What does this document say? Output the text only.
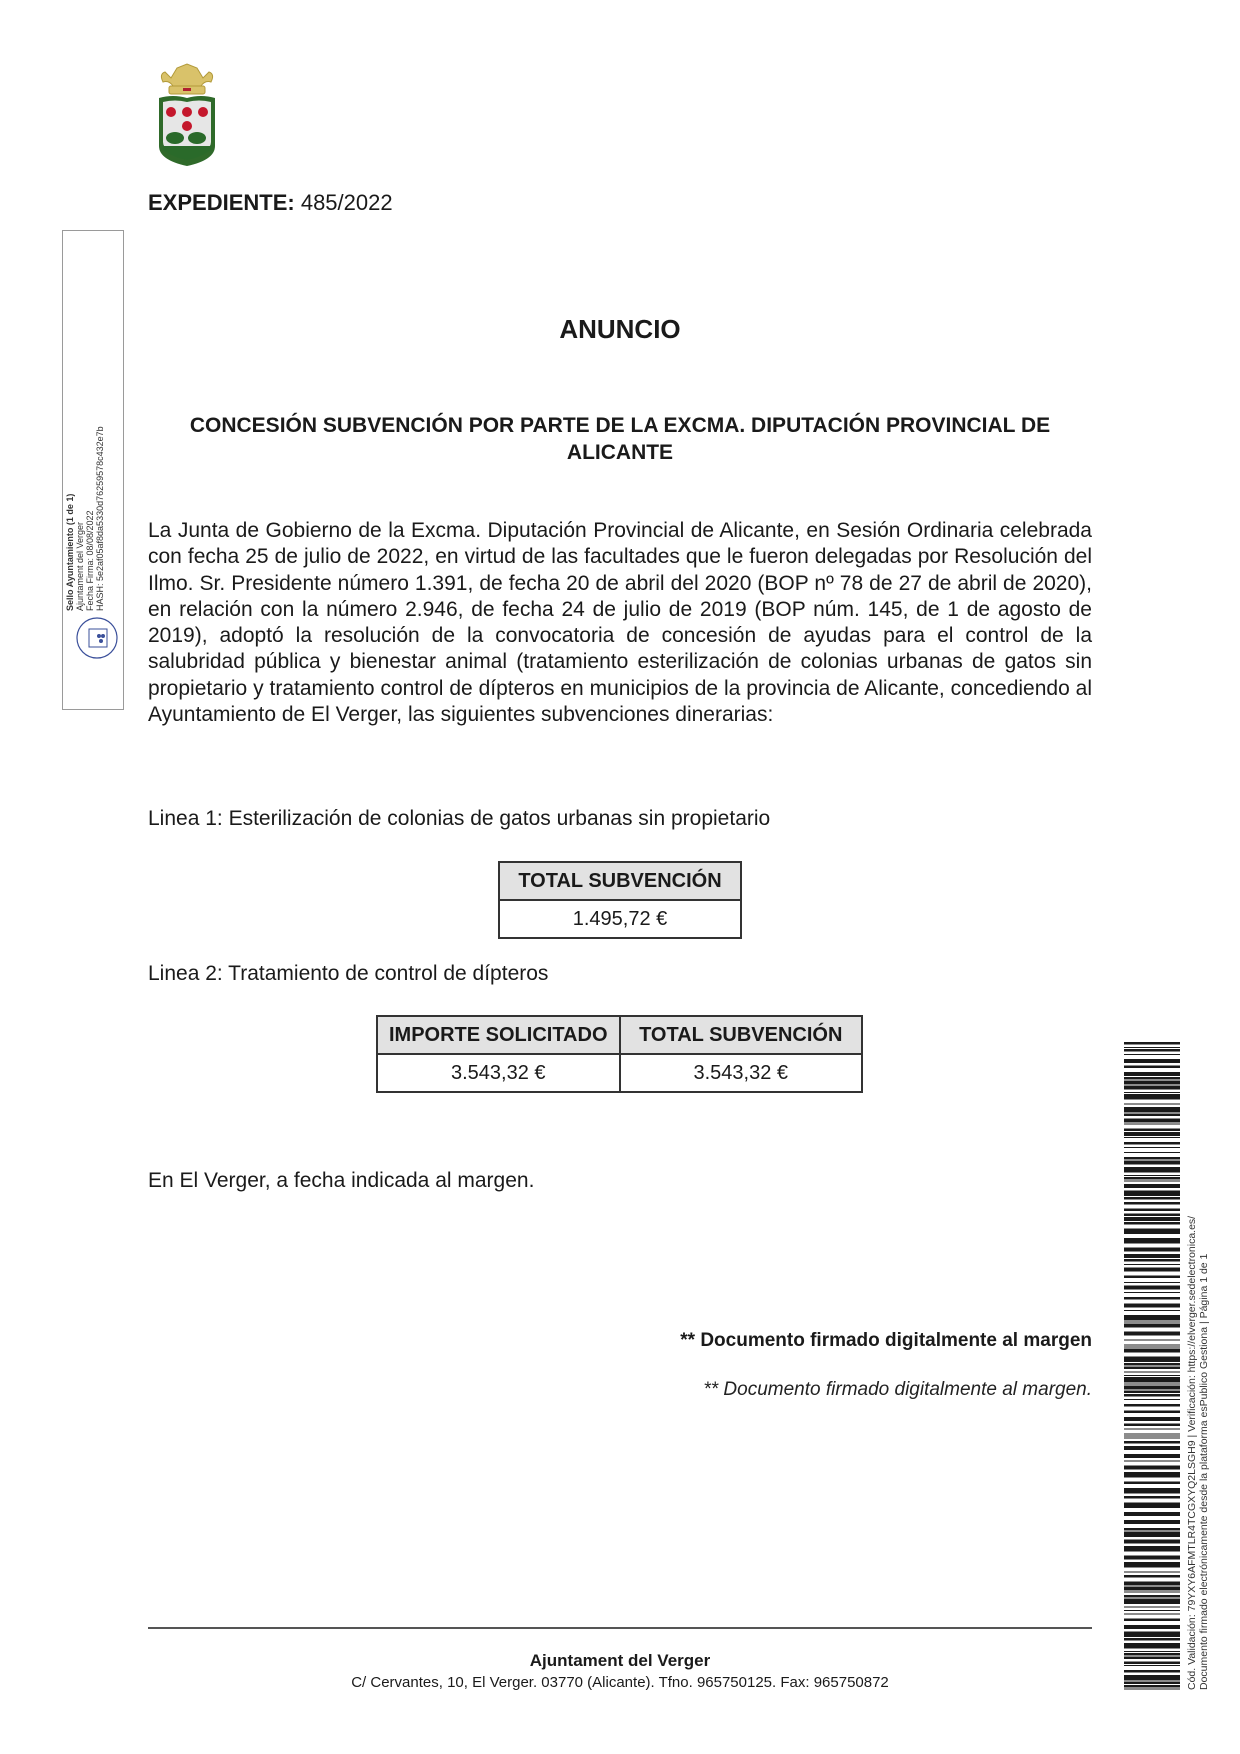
EXPEDIENTE: 485/2022
Sello Ayuntamiento (1 de 1) Ajuntament del Verger Fecha Firma: 08/08/2022 HASH: 5e2af05af8da5330d76259578c432e7b
ANUNCIO
CONCESIÓN SUBVENCIÓN POR PARTE DE LA EXCMA. DIPUTACIÓN PROVINCIAL DE ALICANTE
La Junta de Gobierno de la Excma. Diputación Provincial de Alicante, en Sesión Ordinaria celebrada con fecha 25 de julio de 2022, en virtud de las facultades que le fueron delegadas por Resolución del Ilmo. Sr. Presidente número 1.391, de fecha 20 de abril del 2020 (BOP nº 78 de 27 de abril de 2020), en relación con la número 2.946, de fecha 24 de julio de 2019 (BOP núm. 145, de 1 de agosto de 2019), adoptó la resolución de la convocatoria de concesión de ayudas para el control de la salubridad pública y bienestar animal (tratamiento esterilización de colonias urbanas de gatos sin propietario y tratamiento control de dípteros en municipios de la provincia de Alicante, concediendo al Ayuntamiento de El Verger, las siguientes subvenciones dinerarias:
Linea 1: Esterilización de colonias de gatos urbanas sin propietario
TOTAL SUBVENCIÓN
1.495,72 €
Linea 2: Tratamiento de control de dípteros
IMPORTE SOLICITADO	TOTAL SUBVENCIÓN
3.543,32 €	3.543,32 €
En El Verger, a fecha indicada al margen.
** Documento firmado digitalmente al margen
** Documento firmado digitalmente al margen.
Ajuntament del Verger
C/ Cervantes, 10, El Verger. 03770 (Alicante). Tfno. 965750125. Fax: 965750872	Cód. Validación: 79YXY6AFMTLR4TCGXYQ2LSGH9 | Verificación: https://elverger.sedelectronica.es/ Documento firmado electrónicamente desde la plataforma esPublico Gestiona | Página 1 de 1
